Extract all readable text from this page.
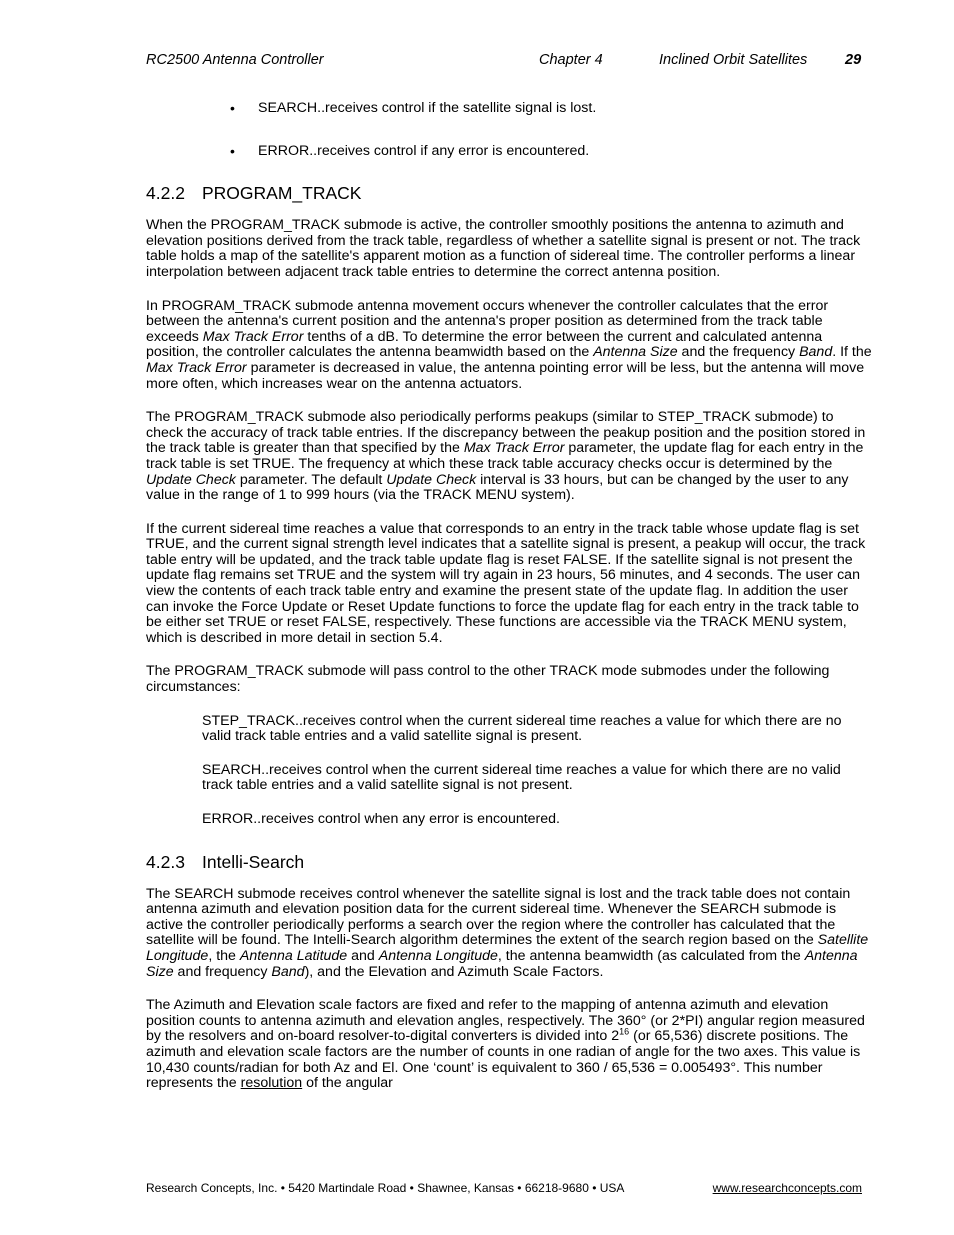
RC2500 Antenna Controller	Chapter 4	Inclined Orbit Satellites	29
• SEARCH..receives control if the satellite signal is lost.
• ERROR..receives control if any error is encountered.
4.2.2 PROGRAM_TRACK

When the PROGRAM_TRACK submode is active, the controller smoothly positions the antenna to azimuth and elevation positions derived from the track table, regardless of whether a satellite signal is present or not. The track table holds a map of the satellite's apparent motion as a function of sidereal time. The controller performs a linear interpolation between adjacent track table entries to determine the correct antenna position.

In PROGRAM_TRACK submode antenna movement occurs whenever the controller calculates that the error between the antenna's current position and the antenna's proper position as determined from the track table exceeds Max Track Error tenths of a dB. To determine the error between the current and calculated antenna position, the controller calculates the antenna beamwidth based on the Antenna Size and the frequency Band. If the Max Track Error parameter is decreased in value, the antenna pointing error will be less, but the antenna will move more often, which increases wear on the antenna actuators.

The PROGRAM_TRACK submode also periodically performs peakups (similar to STEP_TRACK submode) to check the accuracy of track table entries. If the discrepancy between the peakup position and the position stored in the track table is greater than that specified by the Max Track Error parameter, the update flag for each entry in the track table is set TRUE. The frequency at which these track table accuracy checks occur is determined by the Update Check parameter. The default Update Check interval is 33 hours, but can be changed by the user to any value in the range of 1 to 999 hours (via the TRACK MENU system).

If the current sidereal time reaches a value that corresponds to an entry in the track table whose update flag is set TRUE, and the current signal strength level indicates that a satellite signal is present, a peakup will occur, the track table entry will be updated, and the track table update flag is reset FALSE. If the satellite signal is not present the update flag remains set TRUE and the system will try again in 23 hours, 56 minutes, and 4 seconds. The user can view the contents of each track table entry and examine the present state of the update flag. In addition the user can invoke the Force Update or Reset Update functions to force the update flag for each entry in the track table to be either set TRUE or reset FALSE, respectively. These functions are accessible via the TRACK MENU system, which is described in more detail in section 5.4.

The PROGRAM_TRACK submode will pass control to the other TRACK mode submodes under the following circumstances:

STEP_TRACK..receives control when the current sidereal time reaches a value for which there are no valid track table entries and a valid satellite signal is present.

SEARCH..receives control when the current sidereal time reaches a value for which there are no valid track table entries and a valid satellite signal is not present.

ERROR..receives control when any error is encountered.

4.2.3 Intelli-Search

The SEARCH submode receives control whenever the satellite signal is lost and the track table does not contain antenna azimuth and elevation position data for the current sidereal time. Whenever the SEARCH submode is active the controller periodically performs a search over the region where the controller has calculated that the satellite will be found. The Intelli-Search algorithm determines the extent of the search region based on the Satellite Longitude, the Antenna Latitude and Antenna Longitude, the antenna beamwidth (as calculated from the Antenna Size and frequency Band), and the Elevation and Azimuth Scale Factors.

The Azimuth and Elevation scale factors are fixed and refer to the mapping of antenna azimuth and elevation position counts to antenna azimuth and elevation angles, respectively. The 360° (or 2*PI) angular region measured by the resolvers and on-board resolver-to-digital converters is divided into $2^{16}$ (or 65,536) discrete positions. The azimuth and elevation scale factors are the number of counts in one radian of angle for the two axes. This value is 10,430 counts/radian for both Az and El. One ‘count’ is equivalent to 360 / 65,536 = 0.005493°. This number represents the resolution of the angular

Research Concepts, Inc. • 5420 Martindale Road • Shawnee, Kansas • 66218-9680 • USA	www.researchconcepts.com
